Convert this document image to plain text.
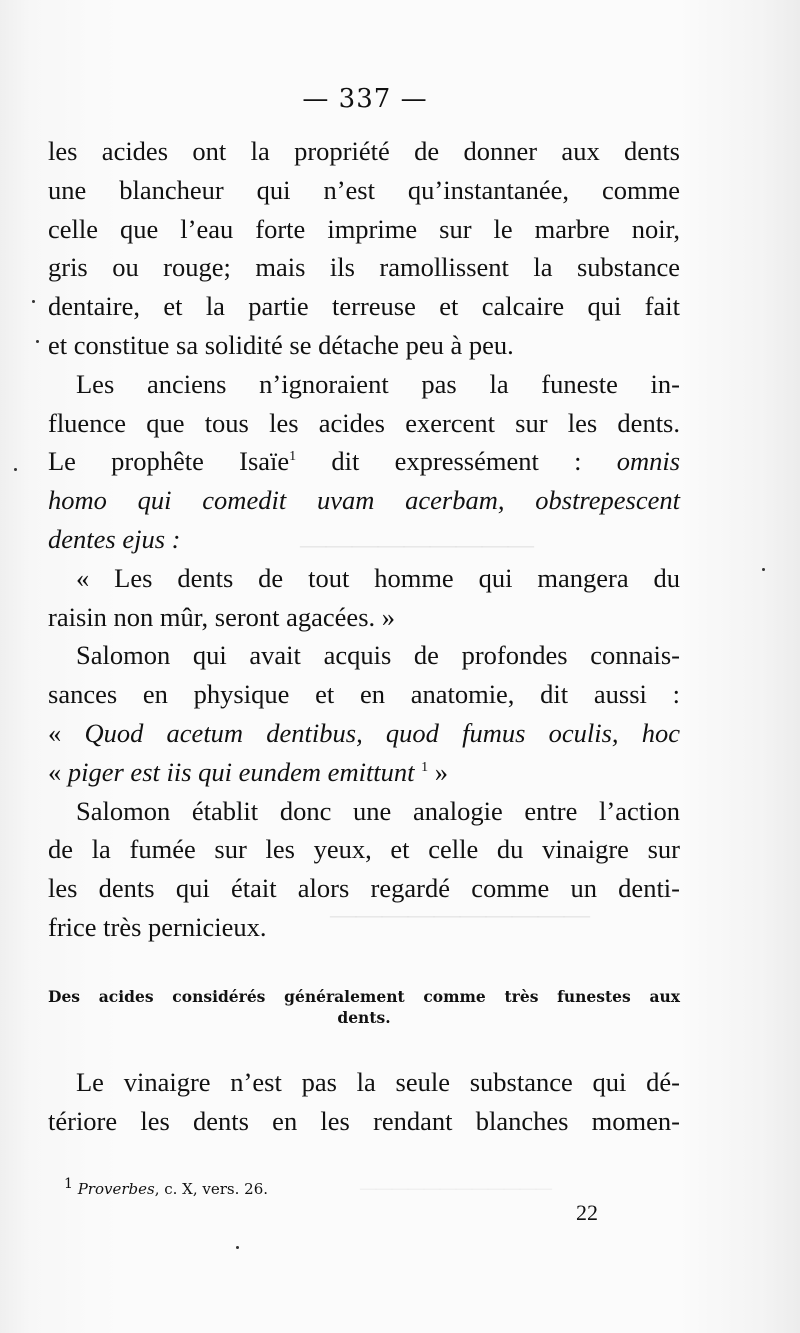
—————————
——————————
————————————
— 337 —

les acides ont la propriété de donner aux dents
une blancheur qui n’est qu’instantanée, comme
celle que l’eau forte imprime sur le marbre noir,
gris ou rouge; mais ils ramollissent la substance
dentaire, et la partie terreuse et calcaire qui fait
et constitue sa solidité se détache peu à peu.

Les anciens n’ignoraient pas la funeste in-
fluence que tous les acides exercent sur les dents.
Le prophête Isaïe$^1$ dit expressément : omnis
homo qui comedit uvam acerbam, obstrepescent
dentes ejus :
« Les dents de tout homme qui mangera du
raisin non mûr, seront agacées. »

Salomon qui avait acquis de profondes connais-
sances en physique et en anatomie, dit aussi :
« Quod acetum dentibus, quod fumus oculis, hoc
« piger est iis qui eundem emittunt $^1$ »

Salomon établit donc une analogie entre l’action
de la fumée sur les yeux, et celle du vinaigre sur
les dents qui était alors regardé comme un denti-
frice très pernicieux.

Des acides considérés généralement comme très funestes aux
dents.
Le vinaigre n’est pas la seule substance qui dé-
tériore les dents en les rendant blanches momen-
1 Proverbes, c. X, vers. 26.
22
